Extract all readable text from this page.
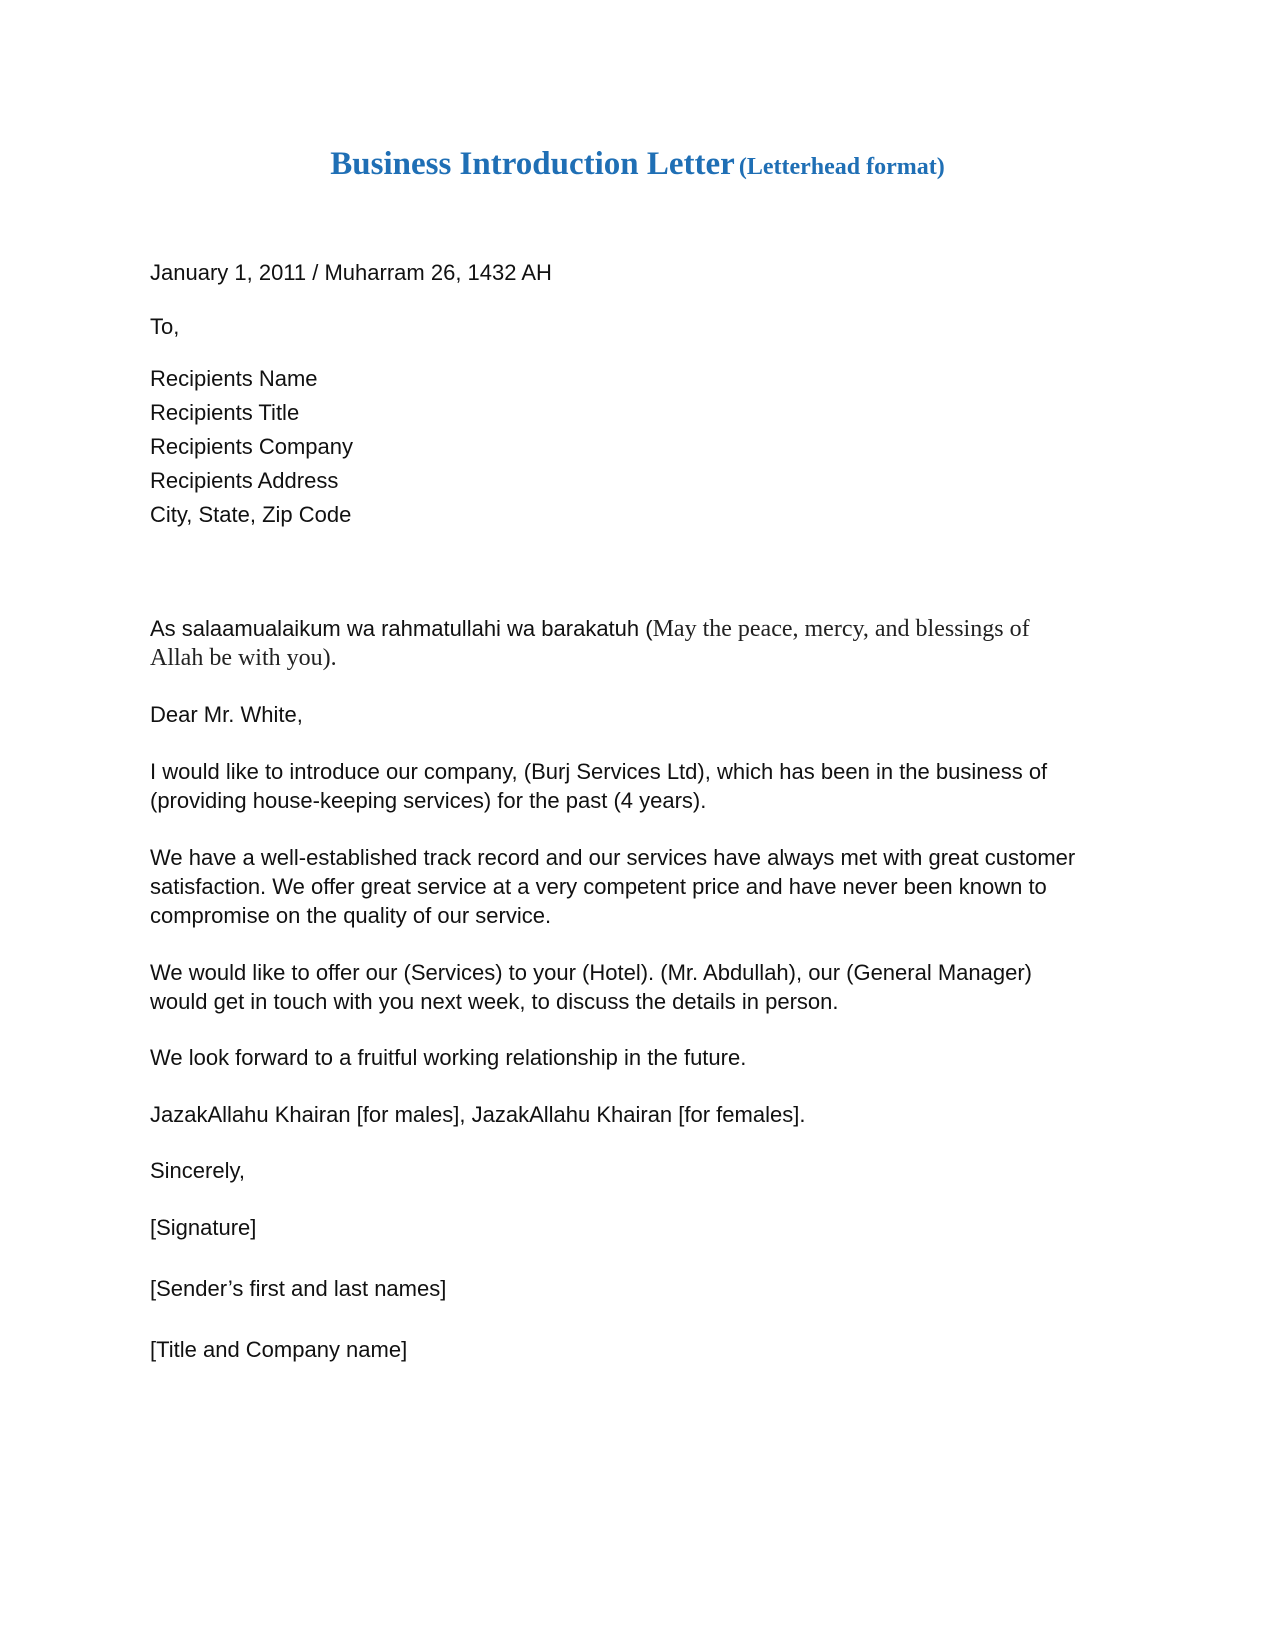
Business Introduction Letter (Letterhead format)
January 1, 2011 / Muharram 26, 1432 AH
To,
Recipients Name
Recipients Title
Recipients Company
Recipients Address
City, State, Zip Code
As salaamualaikum wa rahmatullahi wa barakatuh (May the peace, mercy, and blessings of
Allah be with you).
Dear Mr. White,
I would like to introduce our company, (Burj Services Ltd), which has been in the business of
(providing house-keeping services) for the past (4 years).
We have a well-established track record and our services have always met with great customer
satisfaction. We offer great service at a very competent price and have never been known to
compromise on the quality of our service.
We would like to offer our (Services) to your (Hotel). (Mr. Abdullah), our (General Manager)
would get in touch with you next week, to discuss the details in person.
We look forward to a fruitful working relationship in the future.
JazakAllahu Khairan [for males], JazakAllahu Khairan [for females].
Sincerely,
[Signature]
[Sender’s first and last names]
[Title and Company name]
